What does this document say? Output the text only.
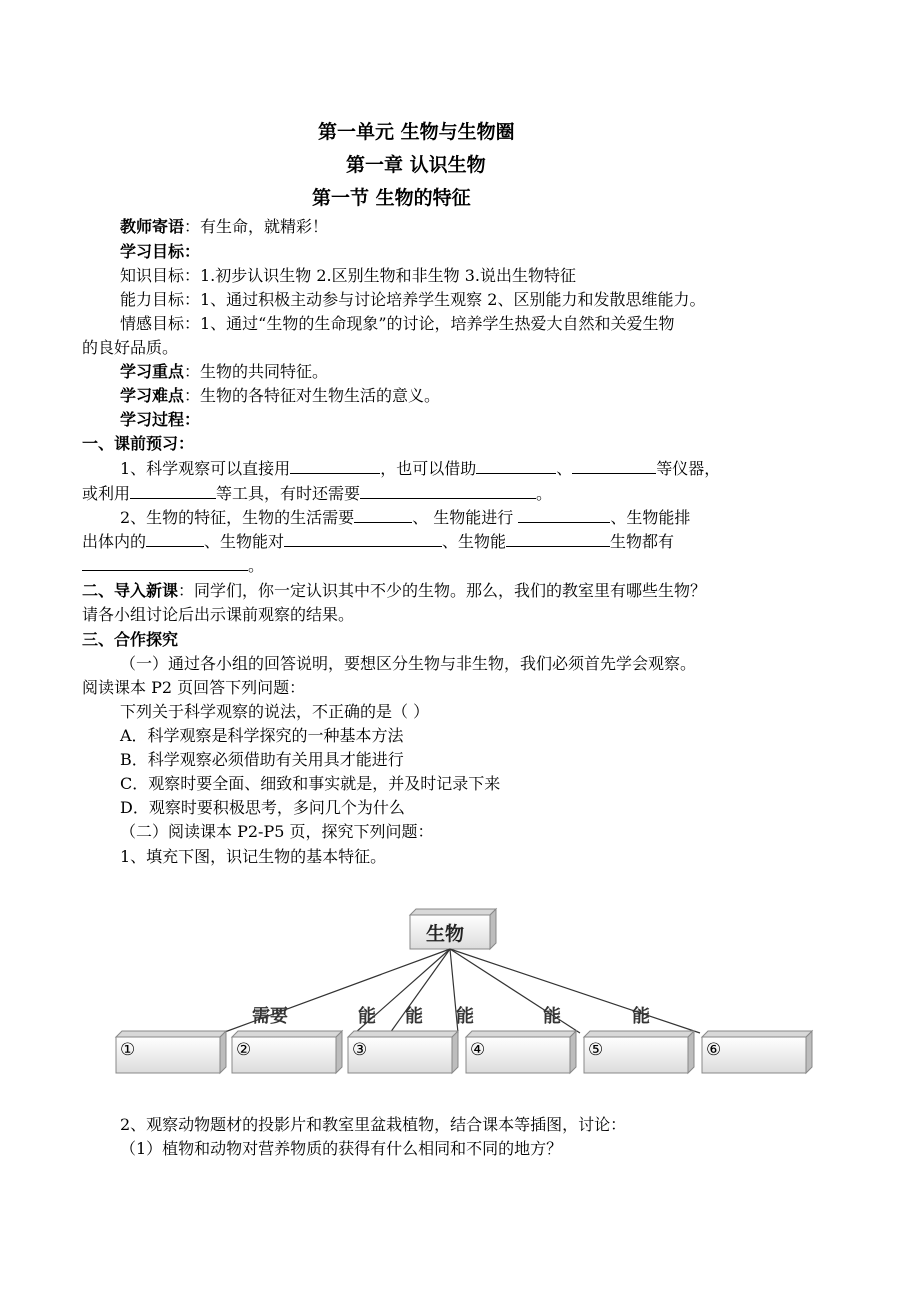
第一单元 生物与生物圈
第一章 认识生物
第一节 生物的特征
教师寄语：有生命，就精彩！
学习目标：
知识目标：1.初步认识生物 2.区别生物和非生物 3.说出生物特征
能力目标：1、通过积极主动参与讨论培养学生观察 2、区别能力和发散思维能力。
情感目标：1、通过“生物的生命现象”的讨论，培养学生热爱大自然和关爱生物
的良好品质。
学习重点：生物的共同特征。
学习难点：生物的各特征对生物生活的意义。
学习过程：
一、课前预习：
1、科学观察可以直接用	，也可以借助	、	等仪器，
或利用	等工具，有时还需要	。
2、生物的特征，生物的生活需要	、 生物能进行	、生物能排
出体内的	、生物能对	、生物能	生物都有
。
二、导入新课：同学们，你一定认识其中不少的生物。那么，我们的教室里有哪些生物？
请各小组讨论后出示课前观察的结果。
三、合作探究
（一）通过各小组的回答说明，要想区分生物与非生物，我们必须首先学会观察。
阅读课本 P2 页回答下列问题：
下列关于科学观察的说法，不正确的是（ ）
A．科学观察是科学探究的一种基本方法
B．科学观察必须借助有关用具才能进行
C．观察时要全面、细致和事实就是，并及时记录下来
D．观察时要积极思考，多问几个为什么
（二）阅读课本 P2-P5 页，探究下列问题：
1、填充下图，识记生物的基本特征。
生物
需要	能 能 能	能	能
①	②	③	④	⑤	⑥
2、观察动物题材的投影片和教室里盆栽植物，结合课本等插图，讨论：
（1）植物和动物对营养物质的获得有什么相同和不同的地方？
